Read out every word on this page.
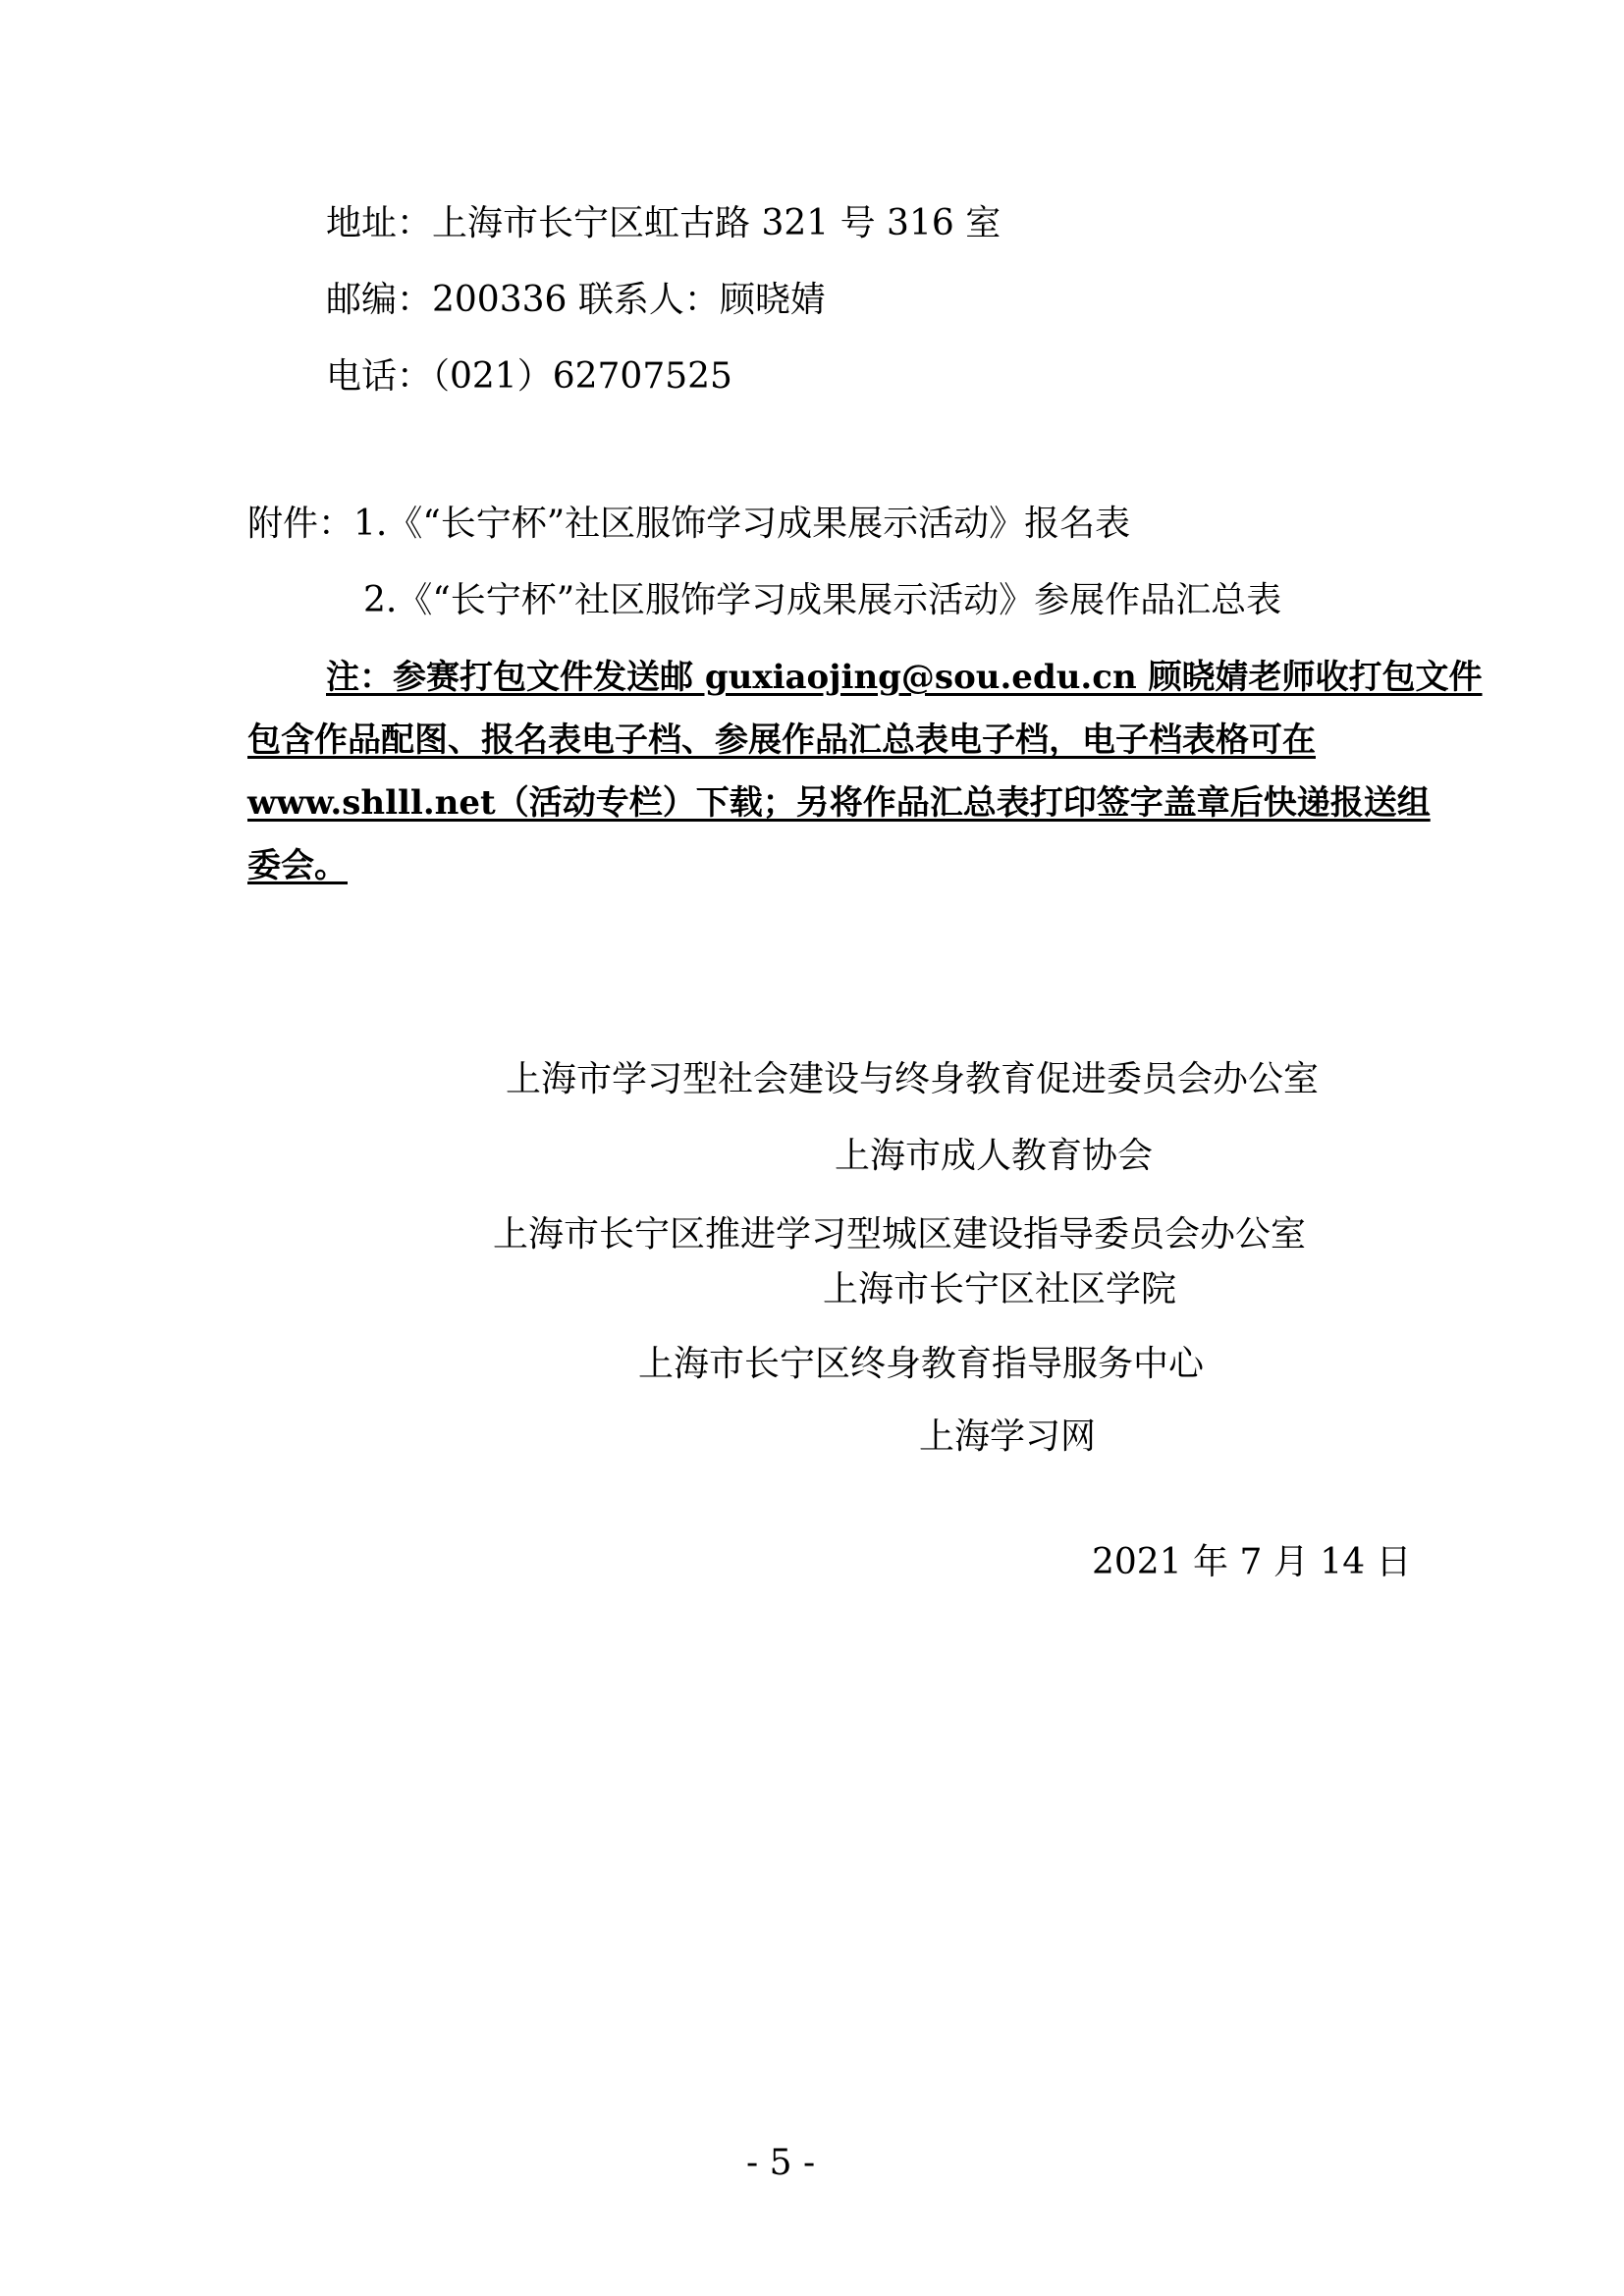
地址：上海市长宁区虹古路 321 号 316 室
邮编：200336 联系人：顾晓婧
电话：（021）62707525
附件：1.《“长宁杯”社区服饰学习成果展示活动》报名表
2.《“长宁杯”社区服饰学习成果展示活动》参展作品汇总表
注：参赛打包文件发送邮 guxiaojing@sou.edu.cn 顾晓婧老师收打包文件
包含作品配图、报名表电子档、参展作品汇总表电子档，电子档表格可在
www.shlll.net（活动专栏）下载；另将作品汇总表打印签字盖章后快递报送组
委会。
上海市学习型社会建设与终身教育促进委员会办公室
上海市成人教育协会
上海市长宁区推进学习型城区建设指导委员会办公室
上海市长宁区社区学院
上海市长宁区终身教育指导服务中心
上海学习网
2021 年 7 月 14 日
- 5 -
